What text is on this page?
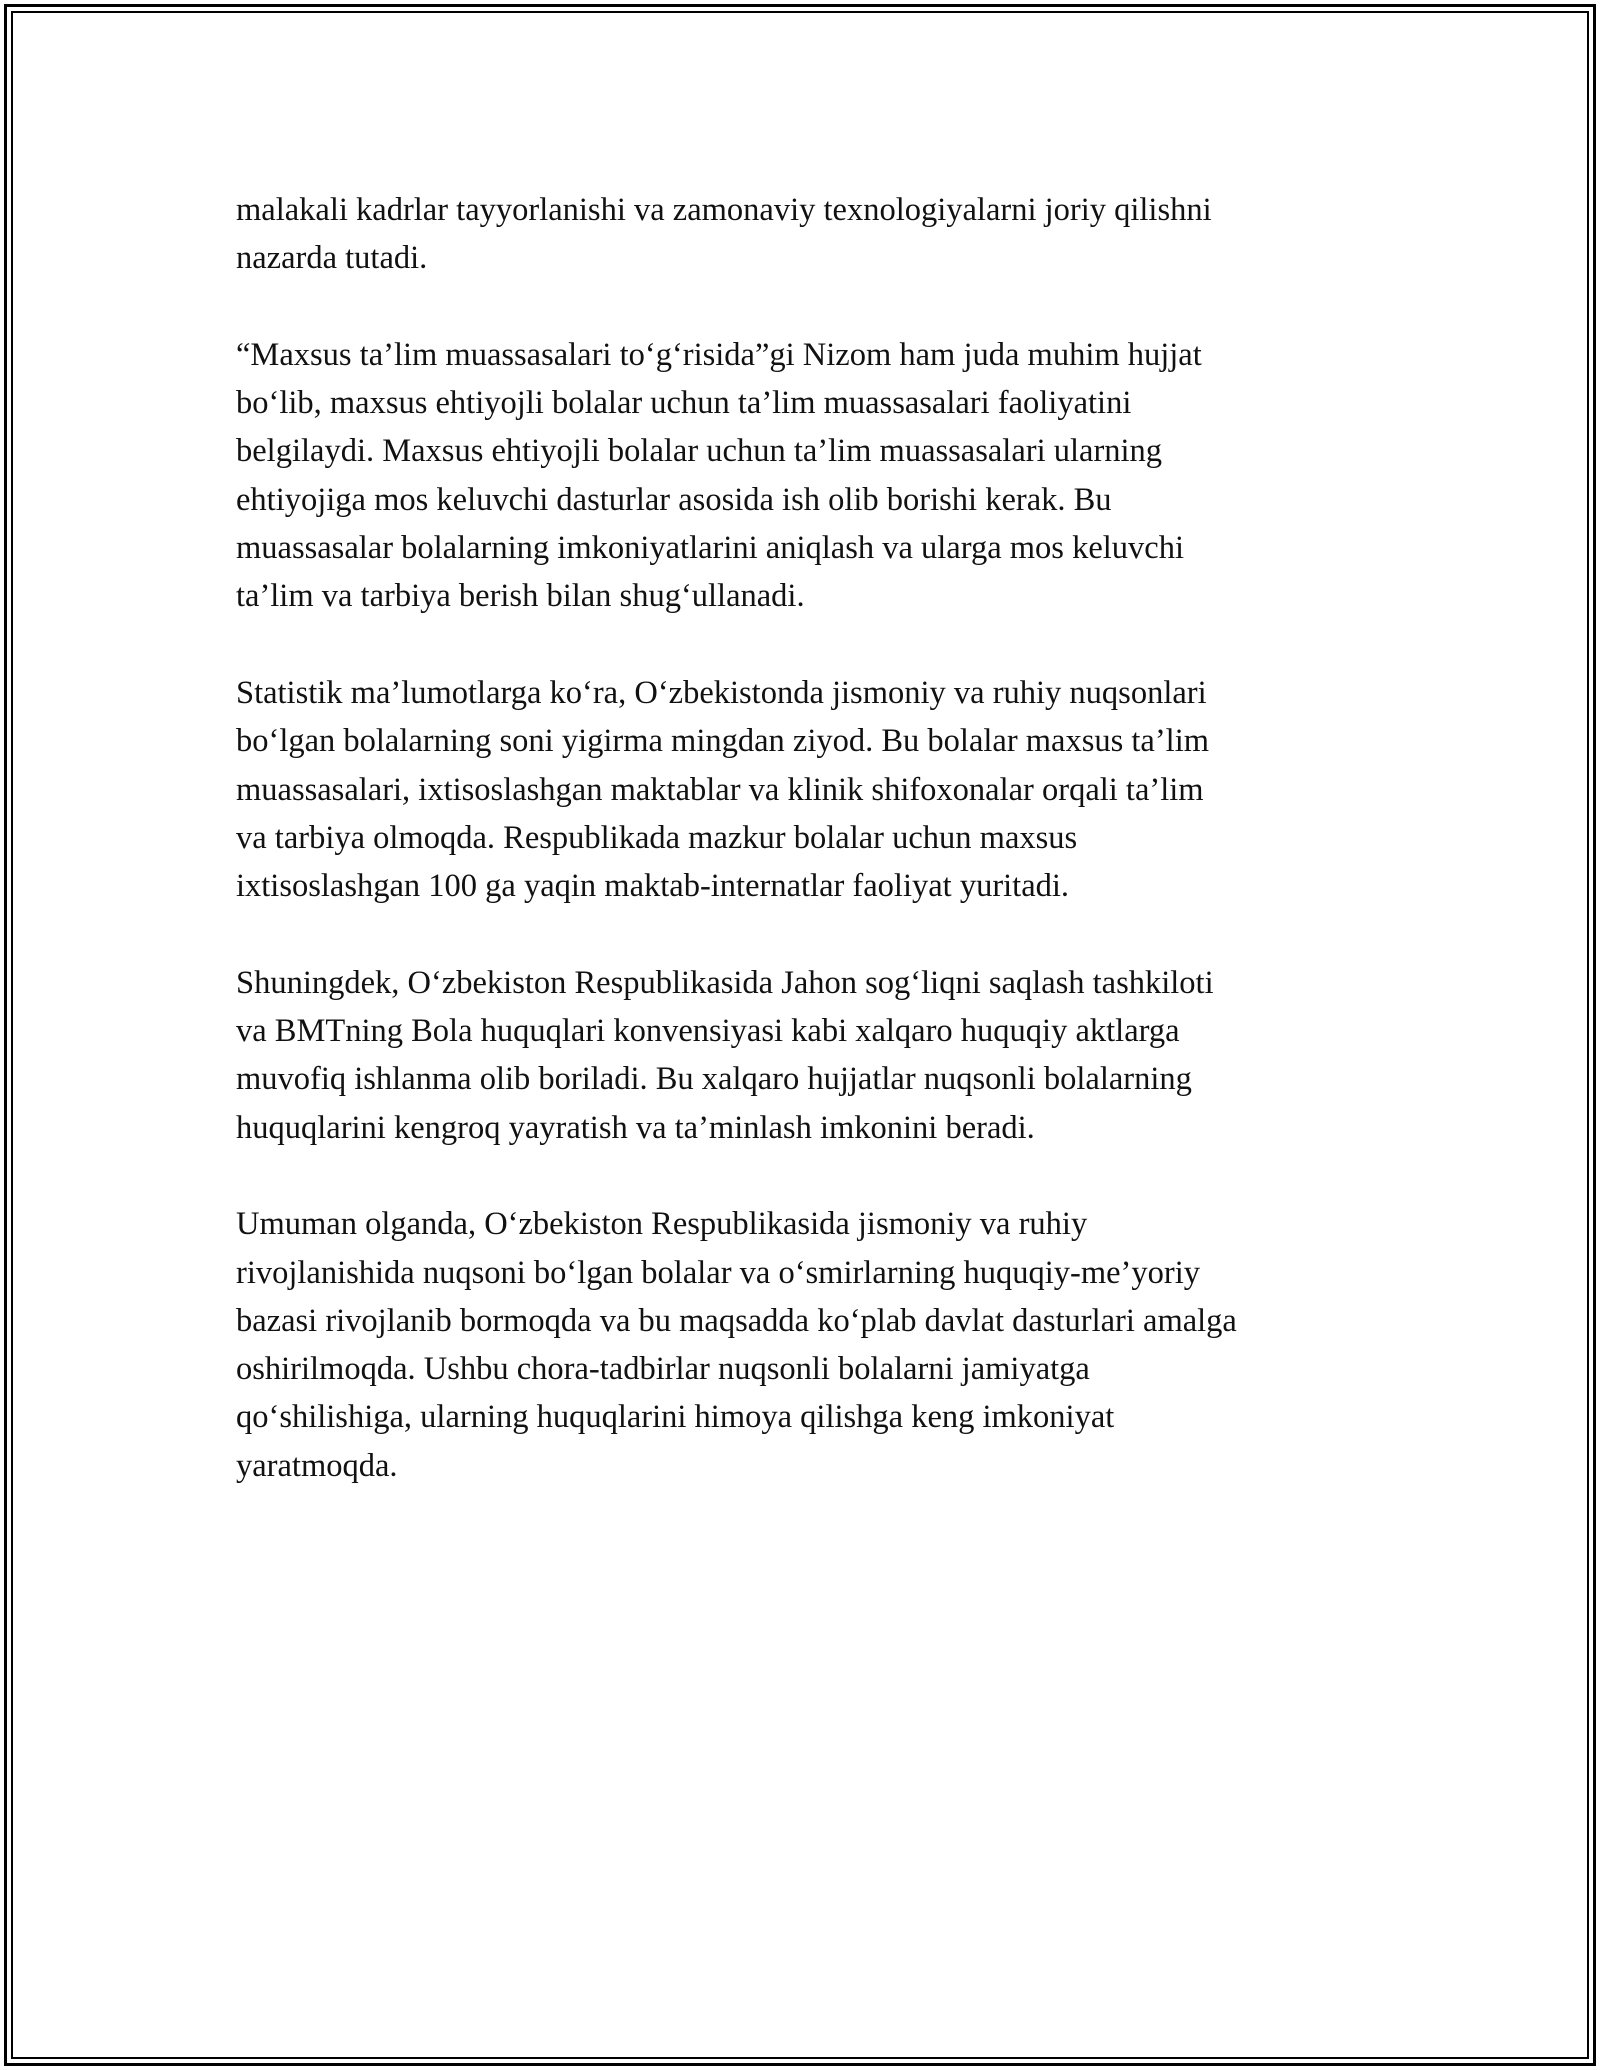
malakali kadrlar tayyorlanishi va zamonaviy texnologiyalarni joriy qilishni
nazarda tutadi.

“Maxsus ta’lim muassasalari to‘g‘risida”gi Nizom ham juda muhim hujjat
bo‘lib, maxsus ehtiyojli bolalar uchun ta’lim muassasalari faoliyatini
belgilaydi. Maxsus ehtiyojli bolalar uchun ta’lim muassasalari ularning
ehtiyojiga mos keluvchi dasturlar asosida ish olib borishi kerak. Bu
muassasalar bolalarning imkoniyatlarini aniqlash va ularga mos keluvchi
ta’lim va tarbiya berish bilan shug‘ullanadi.

Statistik ma’lumotlarga ko‘ra, O‘zbekistonda jismoniy va ruhiy nuqsonlari
bo‘lgan bolalarning soni yigirma mingdan ziyod. Bu bolalar maxsus ta’lim
muassasalari, ixtisoslashgan maktablar va klinik shifoxonalar orqali ta’lim
va tarbiya olmoqda. Respublikada mazkur bolalar uchun maxsus
ixtisoslashgan 100 ga yaqin maktab-internatlar faoliyat yuritadi.

Shuningdek, O‘zbekiston Respublikasida Jahon sog‘liqni saqlash tashkiloti
va BMTning Bola huquqlari konvensiyasi kabi xalqaro huquqiy aktlarga
muvofiq ishlanma olib boriladi. Bu xalqaro hujjatlar nuqsonli bolalarning
huquqlarini kengroq yayratish va ta’minlash imkonini beradi.

Umuman olganda, O‘zbekiston Respublikasida jismoniy va ruhiy
rivojlanishida nuqsoni bo‘lgan bolalar va o‘smirlarning huquqiy-me’yoriy
bazasi rivojlanib bormoqda va bu maqsadda ko‘plab davlat dasturlari amalga
oshirilmoqda. Ushbu chora-tadbirlar nuqsonli bolalarni jamiyatga
qo‘shilishiga, ularning huquqlarini himoya qilishga keng imkoniyat
yaratmoqda.
